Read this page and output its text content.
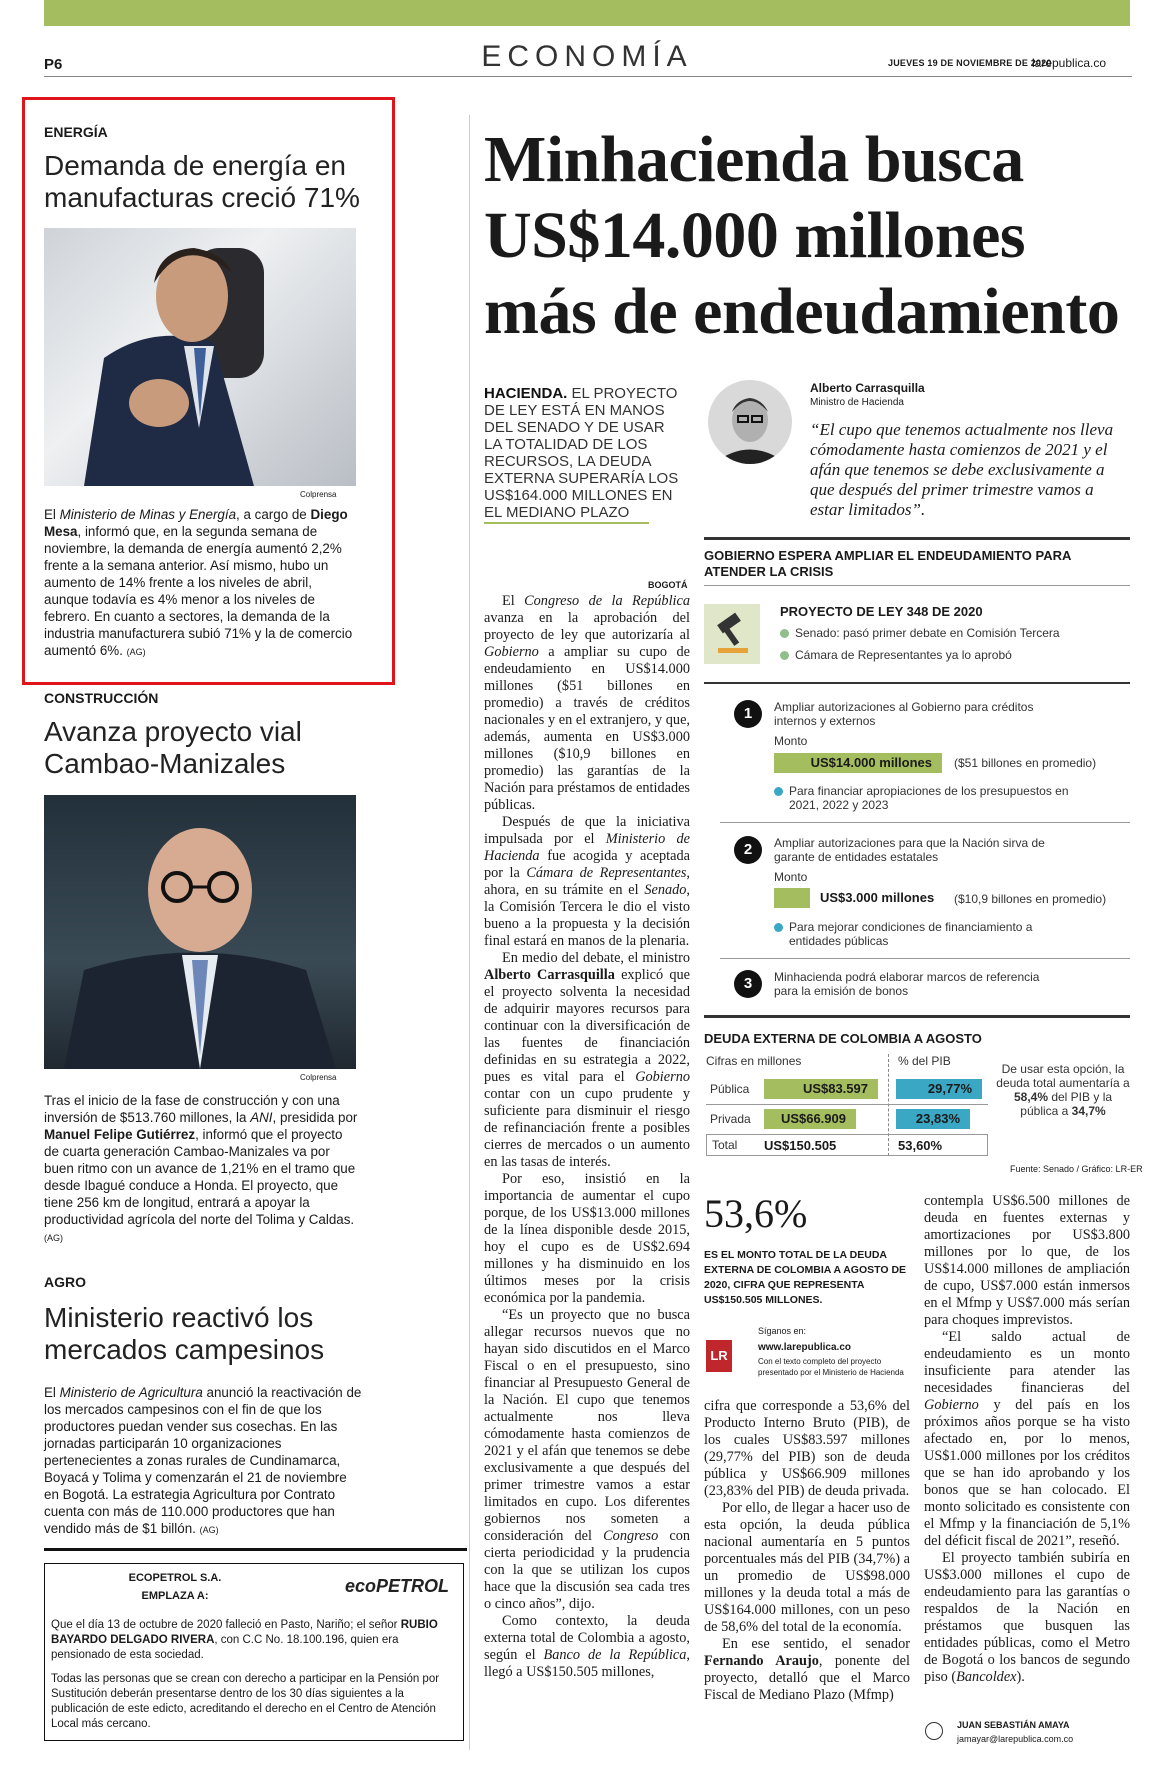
P6	ECONOMÍA	JUEVES 19 DE NOVIEMBRE DE 2020
larepublica.co
ENERGÍA
Demanda de energía en manufacturas creció 71%
Colprensa
El Ministerio de Minas y Energía, a cargo de Diego Mesa, informó que, en la segunda semana de noviembre, la demanda de energía aumentó 2,2% frente a la semana anterior. Así mismo, hubo un aumento de 14% frente a los niveles de abril, aunque todavía es 4% menor a los niveles de febrero. En cuanto a sectores, la demanda de la industria manufacturera subió 71% y la de comercio aumentó 6%. (AG)
CONSTRUCCIÓN
Avanza proyecto vial Cambao-Manizales
Colprensa
Tras el inicio de la fase de construcción y con una inversión de $513.760 millones, la ANI, presidida por Manuel Felipe Gutiérrez, informó que el proyecto de cuarta generación Cambao-Manizales va por buen ritmo con un avance de 1,21% en el tramo que desde Ibagué conduce a Honda. El proyecto, que tiene 256 km de longitud, entrará a apoyar la productividad agrícola del norte del Tolima y Caldas. (AG)
AGRO
Ministerio reactivó los mercados campesinos
El Ministerio de Agricultura anunció la reactivación de los mercados campesinos con el fin de que los productores puedan vender sus cosechas. En las jornadas participarán 10 organizaciones pertenecientes a zonas rurales de Cundinamarca, Boyacá y Tolima y comenzarán el 21 de noviembre en Bogotá. La estrategia Agricultura por Contrato cuenta con más de 110.000 productores que han vendido más de $1 billón. (AG)
ECOPETROL S.A.
EMPLAZA A:	ecoPETROL
Que el día 13 de octubre de 2020 falleció en Pasto, Nariño; el señor RUBIO BAYARDO DELGADO RIVERA, con C.C No. 18.100.196, quien era pensionado de esta sociedad.
Todas las personas que se crean con derecho a participar en la Pensión por Sustitución deberán presentarse dentro de los 30 días siguientes a la publicación de este edicto, acreditando el derecho en el Centro de Atención Local más cercano.
Minhacienda busca US$14.000 millones más de endeudamiento
HACIENDA. EL PROYECTO DE LEY ESTÁ EN MANOS DEL SENADO Y DE USAR LA TOTALIDAD DE LOS RECURSOS, LA DEUDA EXTERNA SUPERARÍA LOS US$164.000 MILLONES EN EL MEDIANO PLAZO
Alberto Carrasquilla
Ministro de Hacienda
“El cupo que tenemos actualmente nos lleva cómodamente hasta comienzos de 2021 y el afán que tenemos se debe exclusivamente a que después del primer trimestre vamos a estar limitados”.
BOGOTÁ

El Congreso de la República avanza en la aprobación del proyecto de ley que autorizaría al Gobierno a ampliar su cupo de endeudamiento en US$14.000 millones ($51 billones en promedio) a través de créditos nacionales y en el extranjero, y que, además, aumenta en US$3.000 millones ($10,9 billones en promedio) las garantías de la Nación para préstamos de entidades públicas.

Después de que la iniciativa impulsada por el Ministerio de Hacienda fue acogida y aceptada por la Cámara de Representantes, ahora, en su trámite en el Senado, la Comisión Tercera le dio el visto bueno a la propuesta y la decisión final estará en manos de la plenaria.

En medio del debate, el ministro Alberto Carrasquilla explicó que el proyecto solventa la necesidad de adquirir mayores recursos para continuar con la diversificación de las fuentes de financiación definidas en su estrategia a 2022, pues es vital para el Gobierno contar con un cupo prudente y suficiente para disminuir el riesgo de refinanciación frente a posibles cierres de mercados o un aumento en las tasas de interés.

Por eso, insistió en la importancia de aumentar el cupo porque, de los US$13.000 millones de la línea disponible desde 2015, hoy el cupo es de US$2.694 millones y ha disminuido en los últimos meses por la crisis económica por la pandemia.

“Es un proyecto que no busca allegar recursos nuevos que no hayan sido discutidos en el Marco Fiscal o en el presupuesto, sino financiar al Presupuesto General de la Nación. El cupo que tenemos actualmente nos lleva cómodamente hasta comienzos de 2021 y el afán que tenemos se debe exclusivamente a que después del primer trimestre vamos a estar limitados en cupo. Los diferentes gobiernos nos someten a consideración del Congreso con cierta periodicidad y la prudencia con la que se utilizan los cupos hace que la discusión sea cada tres o cinco años”, dijo.

Como contexto, la deuda externa total de Colombia a agosto, según el Banco de la República, llegó a US$150.505 millones,

GOBIERNO ESPERA AMPLIAR EL ENDEUDAMIENTO PARA ATENDER LA CRISIS
PROYECTO DE LEY 348 DE 2020
Senado: pasó primer debate en Comisión Tercera
Cámara de Representantes ya lo aprobó
1	Ampliar autorizaciones al Gobierno para créditos internos y externos
Monto
US$14.000 millones	($51 billones en promedio)
Para financiar apropiaciones de los presupuestos en 2021, 2022 y 2023
2	Ampliar autorizaciones para que la Nación sirva de garante de entidades estatales
Monto
US$3.000 millones ($10,9 billones en promedio)
Para mejorar condiciones de financiamiento a entidades públicas
3	Minhacienda podrá elaborar marcos de referencia para la emisión de bonos
DEUDA EXTERNA DE COLOMBIA A AGOSTO
Cifras en millones	% del PIB
Pública	US$83.597	29,77%
Privada	US$66.909	23,83%
Total US$150.505	53,60%
De usar esta opción, la deuda total aumentaría a 58,4% del PIB y la pública a 34,7%
Fuente: Senado / Gráfico: LR-ER
53,6%
ES EL MONTO TOTAL DE LA DEUDA EXTERNA DE COLOMBIA A AGOSTO DE 2020, CIFRA QUE REPRESENTA US$150.505 MILLONES.
Síganos en:
LR
www.larepublica.co
Con el texto completo del proyecto presentado por el Ministerio de Hacienda

cifra que corresponde a 53,6% del Producto Interno Bruto (PIB), de los cuales US$83.597 millones (29,77% del PIB) son de deuda pública y US$66.909 millones (23,83% del PIB) de deuda privada.

Por ello, de llegar a hacer uso de esta opción, la deuda pública nacional aumentaría en 5 puntos porcentuales más del PIB (34,7%) a un promedio de US$98.000 millones y la deuda total a más de US$164.000 millones, con un peso de 58,6% del total de la economía.

En ese sentido, el senador Fernando Araujo, ponente del proyecto, detalló que el Marco Fiscal de Mediano Plazo (Mfmp)

contempla US$6.500 millones de deuda en fuentes externas y amortizaciones por US$3.800 millones por lo que, de los US$14.000 millones de ampliación de cupo, US$7.000 están inmersos en el Mfmp y US$7.000 más serían para choques imprevistos.

“El saldo actual de endeudamiento es un monto insuficiente para atender las necesidades financieras del Gobierno y del país en los próximos años porque se ha visto afectado en, por lo menos, US$1.000 millones por los créditos que se han ido aprobando y los bonos que se han colocado. El monto solicitado es consistente con el Mfmp y la financiación de 5,1% del déficit fiscal de 2021”, reseñó.

El proyecto también subiría en US$3.000 millones el cupo de endeudamiento para las garantías o respaldos de la Nación en préstamos que busquen las entidades públicas, como el Metro de Bogotá o los bancos de segundo piso (Bancoldex).

JUAN SEBASTIÁN AMAYA
jamayar@larepublica.com.co
